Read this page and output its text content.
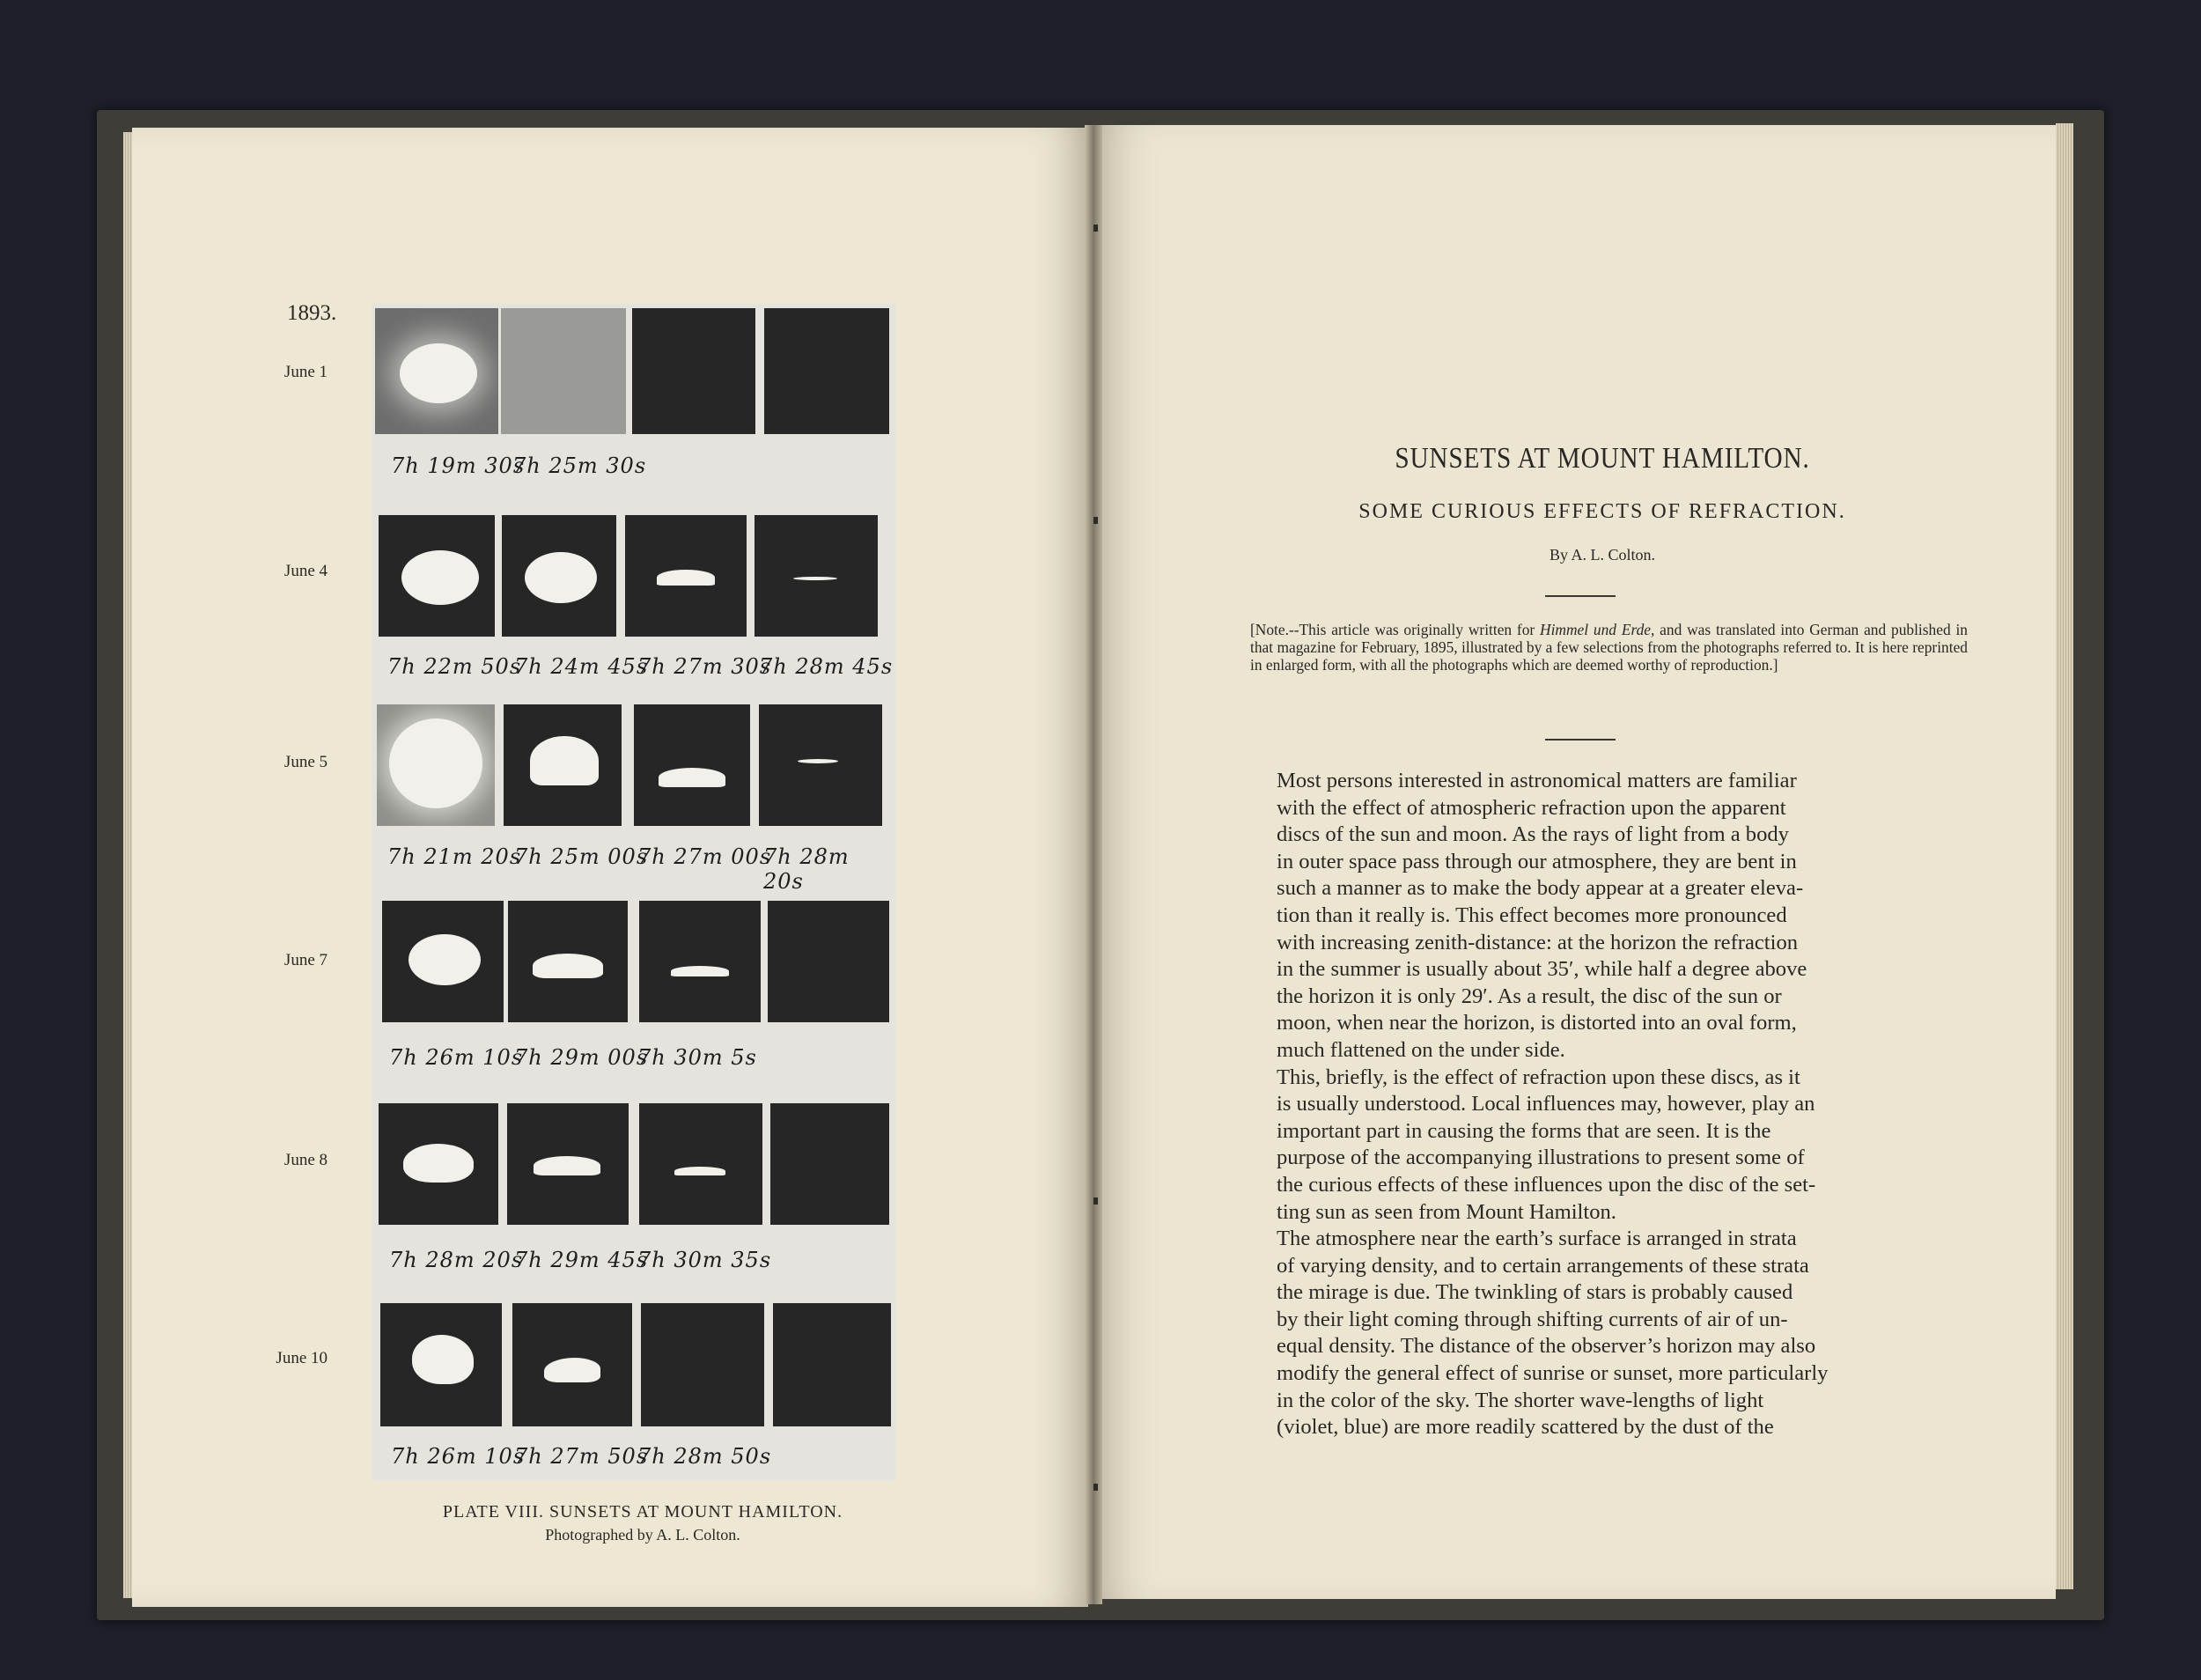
1893.
June 1
June 4
June 5
June 7
June 8
June 10
7h 19m 30s
7h 25m 30s
7h 22m 50s
7h 24m 45s
7h 27m 30s
7h 28m 45s
7h 21m 20s
7h 25m 00s
7h 27m 00s
7h 28m 20s
7h 26m 10s
7h 29m 00s
7h 30m 5s
7h 28m 20s
7h 29m 45s
7h 30m 35s
7h 26m 10s
7h 27m 50s
7h 28m 50s
PLATE VIII. SUNSETS AT MOUNT HAMILTON.
Photographed by A. L. Colton.
SUNSETS AT MOUNT HAMILTON.
SOME CURIOUS EFFECTS OF REFRACTION.
By A. L. Colton.
[Note.--This article was originally written for Himmel und Erde, and was translated into German and published in that magazine for February, 1895, illustrated by a few selections from the photographs referred to. It is here reprinted in enlarged form, with all the photographs which are deemed worthy of reproduction.]

Most persons interested in astronomical matters are familiar
with the effect of atmospheric refraction upon the apparent
discs of the sun and moon. As the rays of light from a body
in outer space pass through our atmosphere, they are bent in
such a manner as to make the body appear at a greater eleva-
tion than it really is. This effect becomes more pronounced
with increasing zenith-distance: at the horizon the refraction
in the summer is usually about 35′, while half a degree above
the horizon it is only 29′. As a result, the disc of the sun or
moon, when near the horizon, is distorted into an oval form,
much flattened on the under side.

This, briefly, is the effect of refraction upon these discs, as it
is usually understood. Local influences may, however, play an
important part in causing the forms that are seen. It is the
purpose of the accompanying illustrations to present some of
the curious effects of these influences upon the disc of the set-
ting sun as seen from Mount Hamilton.

The atmosphere near the earth’s surface is arranged in strata
of varying density, and to certain arrangements of these strata
the mirage is due. The twinkling of stars is probably caused
by their light coming through shifting currents of air of un-
equal density. The distance of the observer’s horizon may also
modify the general effect of sunrise or sunset, more particularly
in the color of the sky. The shorter wave-lengths of light
(violet, blue) are more readily scattered by the dust of the
